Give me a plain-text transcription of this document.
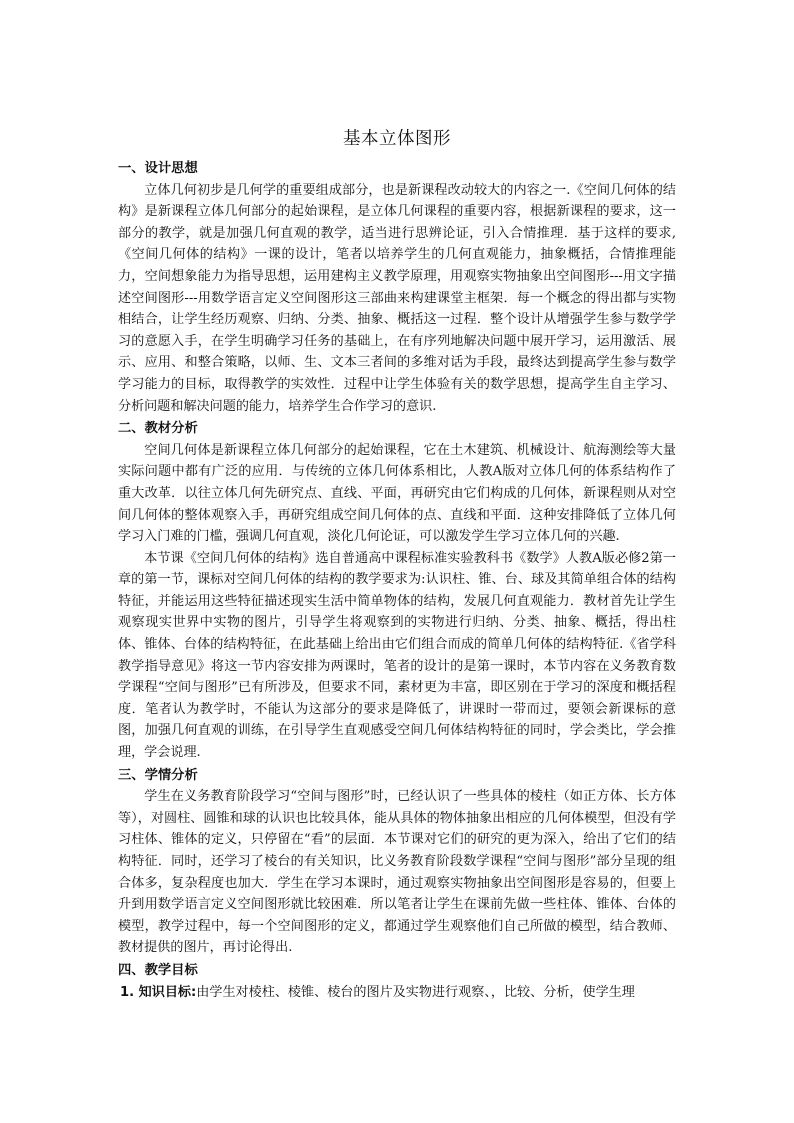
基本立体图形
一、设计思想

立体几何初步是几何学的重要组成部分，也是新课程改动较大的内容之一.《空间几何体的结构》是新课程立体几何部分的起始课程，是立体几何课程的重要内容，根据新课程的要求，这一部分的教学，就是加强几何直观的教学，适当进行思辨论证，引入合情推理．基于这样的要求,《空间几何体的结构》一课的设计，笔者以培养学生的几何直观能力，抽象概括，合情推理能力，空间想象能力为指导思想，运用建构主义教学原理，用观察实物抽象出空间图形---用文字描述空间图形---用数学语言定义空间图形这三部曲来构建课堂主框架．每一个概念的得出都与实物相结合，让学生经历观察、归纳、分类、抽象、概括这一过程．整个设计从增强学生参与数学学习的意愿入手，在学生明确学习任务的基础上，在有序列地解决问题中展开学习，运用激活、展示、应用、和整合策略，以师、生、文本三者间的多维对话为手段，最终达到提高学生参与数学学习能力的目标，取得教学的实效性．过程中让学生体验有关的数学思想，提高学生自主学习、分析问题和解决问题的能力，培养学生合作学习的意识.

二、教材分析

空间几何体是新课程立体几何部分的起始课程，它在土木建筑、机械设计、航海测绘等大量实际问题中都有广泛的应用．与传统的立体几何体系相比，人教A版对立体几何的体系结构作了重大改革．以往立体几何先研究点、直线、平面，再研究由它们构成的几何体，新课程则从对空间几何体的整体观察入手，再研究组成空间几何体的点、直线和平面．这种安排降低了立体几何学习入门难的门槛，强调几何直观，淡化几何论证，可以激发学生学习立体几何的兴趣.

本节课《空间几何体的结构》选自普通高中课程标准实验教科书《数学》人教A版必修2第一章的第一节，课标对空间几何体的结构的教学要求为:认识柱、锥、台、球及其简单组合体的结构特征，并能运用这些特征描述现实生活中简单物体的结构，发展几何直观能力．教材首先让学生观察现实世界中实物的图片，引导学生将观察到的实物进行归纳、分类、抽象、概括，得出柱体、锥体、台体的结构特征，在此基础上给出由它们组合而成的简单几何体的结构特征.《省学科教学指导意见》将这一节内容安排为两课时，笔者的设计的是第一课时，本节内容在义务教育数学课程“空间与图形”已有所涉及，但要求不同，素材更为丰富，即区别在于学习的深度和概括程度．笔者认为教学时，不能认为这部分的要求是降低了，讲课时一带而过，要领会新课标的意图，加强几何直观的训练，在引导学生直观感受空间几何体结构特征的同时，学会类比，学会推理，学会说理.

三、学情分析

学生在义务教育阶段学习“空间与图形”时，已经认识了一些具体的棱柱（如正方体、长方体等），对圆柱、圆锥和球的认识也比较具体，能从具体的物体抽象出相应的几何体模型，但没有学习柱体、锥体的定义，只停留在“看”的层面．本节课对它们的研究的更为深入，给出了它们的结构特征．同时，还学习了棱台的有关知识，比义务教育阶段数学课程“空间与图形”部分呈现的组合体多，复杂程度也加大．学生在学习本课时，通过观察实物抽象出空间图形是容易的，但要上升到用数学语言定义空间图形就比较困难．所以笔者让学生在课前先做一些柱体、锥体、台体的模型，教学过程中，每一个空间图形的定义，都通过学生观察他们自己所做的模型，结合教师、教材提供的图片，再讨论得出.

四、教学目标

1. 知识目标:由学生对棱柱、棱锥、棱台的图片及实物进行观察、，比较、分析，使学生理
